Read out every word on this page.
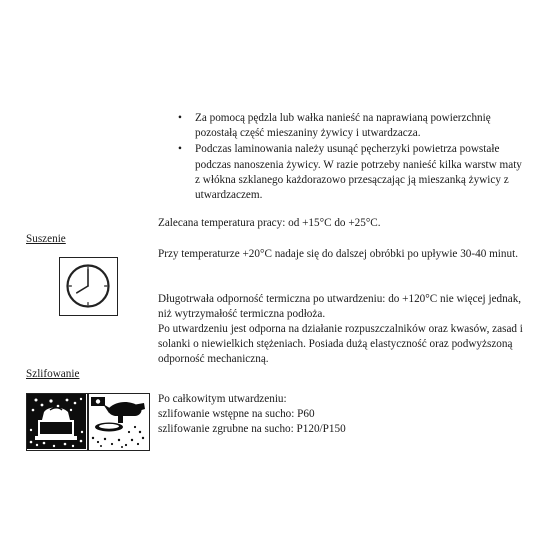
• Za pomocą pędzla lub wałka nanieść na naprawianą powierzchnię pozostałą część mieszaniny żywicy i utwardzacza.
• Podczas laminowania należy usunąć pęcherzyki powietrza powstałe podczas nanoszenia żywicy. W razie potrzeby nanieść kilka warstw maty z włókna szklanego każdorazowo przesączając ją mieszanką żywicy z utwardzaczem.

Zalecana temperatura pracy: od +15°C do +25°C.

Suszenie

Przy temperaturze +20°C nadaje się do dalszej obróbki po upływie 30-40 minut.

Długotrwała odporność termiczna po utwardzeniu: do +120°C nie więcej jednak, niż wytrzymałość termiczna podłoża.

Po utwardzeniu jest odporna na działanie rozpuszczalników oraz kwasów, zasad i solanki o niewielkich stężeniach. Posiada dużą elastyczność oraz podwyższoną odporność mechaniczną.

Szlifowanie
Po całkowitym utwardzeniu:
szlifowanie wstępne na sucho: P60
szlifowanie zgrubne na sucho: P120/P150
